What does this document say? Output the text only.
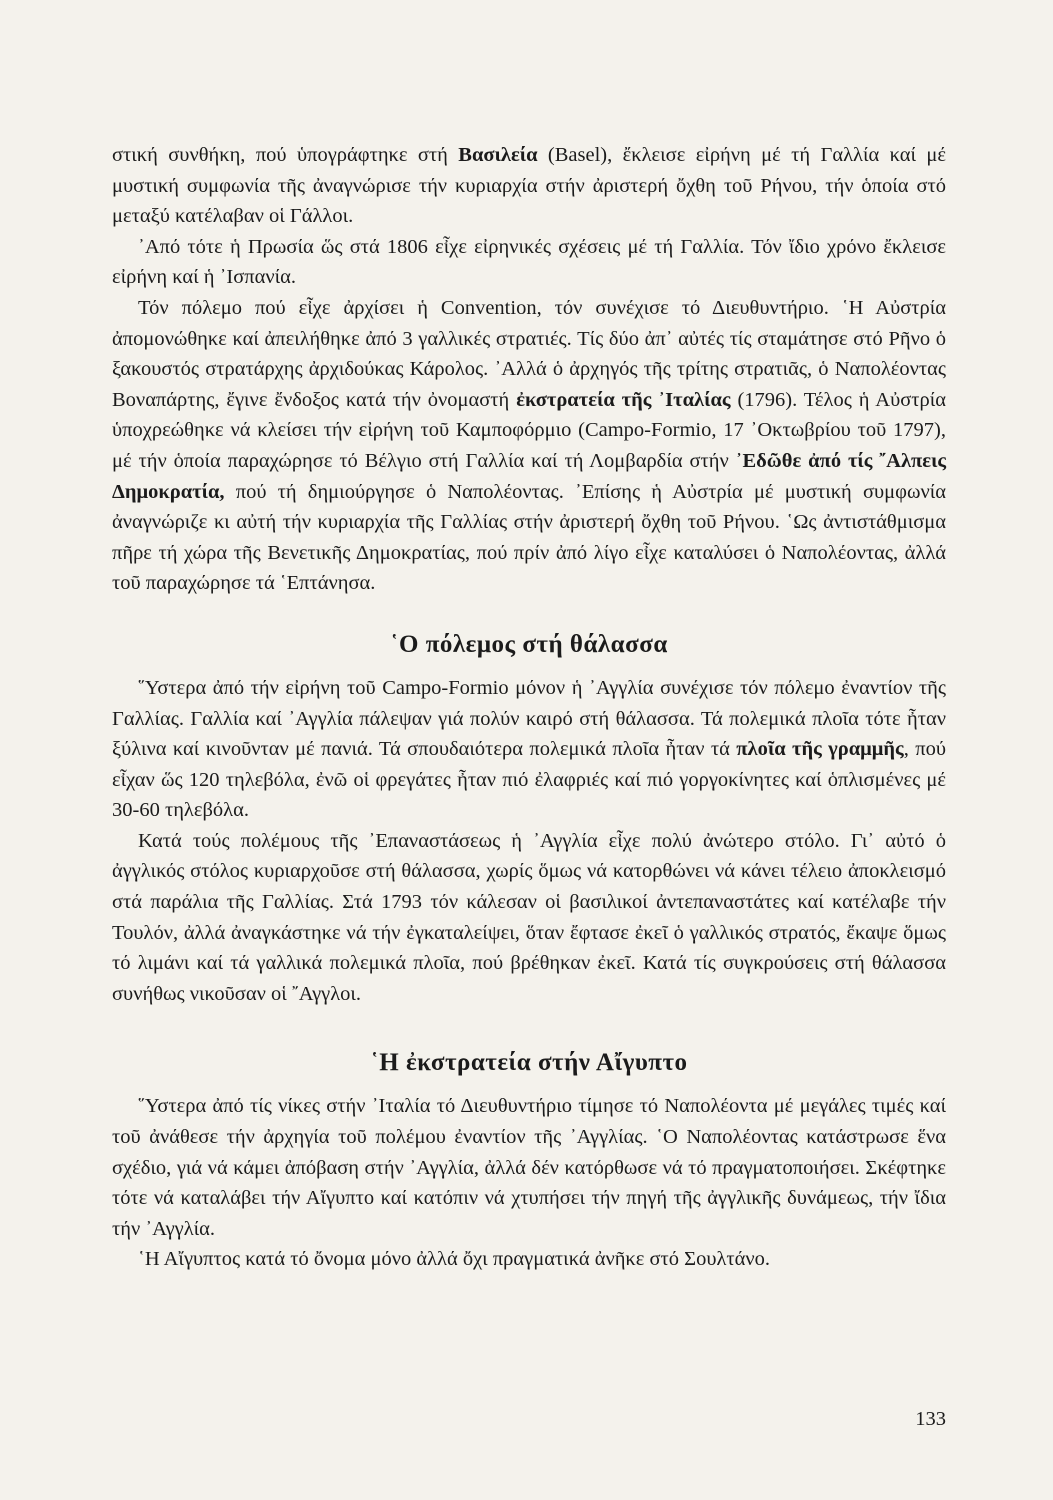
στική συνθήκη, πού ὑπογράφτηκε στή Βασιλεία (Basel), ἔκλεισε εἰρήνη μέ τή Γαλλία καί μέ μυστική συμφωνία τῆς ἀναγνώρισε τήν κυριαρχία στήν ἀριστερή ὄχθη τοῦ Ρήνου, τήν ὁποία στό μεταξύ κατέλαβαν οἱ Γάλλοι.

᾿Από τότε ἡ Πρωσία ὥς στά 1806 εἶχε εἰρηνικές σχέσεις μέ τή Γαλλία. Τόν ἴδιο χρόνο ἔκλεισε εἰρήνη καί ἡ ᾿Ισπανία.

Τόν πόλεμο πού εἶχε ἀρχίσει ἡ Convention, τόν συνέχισε τό Διευθυντήριο. ῾Η Αὐστρία ἀπομονώθηκε καί ἀπειλήθηκε ἀπό 3 γαλλικές στρατιές. Τίς δύο ἀπ᾿ αὐτές τίς σταμάτησε στό Ρῆνο ὁ ξακουστός στρατάρχης ἀρχιδούκας Κάρολος. ᾿Αλλά ὁ ἀρχηγός τῆς τρίτης στρατιᾶς, ὁ Ναπολέοντας Βοναπάρτης, ἔγινε ἔνδοξος κατά τήν ὀνομαστή ἐκστρατεία τῆς ᾿Ιταλίας (1796). Τέλος ἡ Αὐστρία ὑποχρεώθηκε νά κλείσει τήν εἰρήνη τοῦ Καμποφόρμιο (Campo-Formio, 17 ᾿Οκτωβρίου τοῦ 1797), μέ τήν ὁποία παραχώρησε τό Βέλγιο στή Γαλλία καί τή Λομβαρδία στήν ᾿Εδῶθε ἀπό τίς ῎Αλπεις Δημοκρατία, πού τή δημιούργησε ὁ Ναπολέοντας. ᾿Επίσης ἡ Αὐστρία μέ μυστική συμφωνία ἀναγνώριζε κι αὐτή τήν κυριαρχία τῆς Γαλλίας στήν ἀριστερή ὄχθη τοῦ Ρήνου. ῾Ως ἀντιστάθμισμα πῆρε τή χώρα τῆς Βενετικῆς Δημοκρατίας, πού πρίν ἀπό λίγο εἶχε καταλύσει ὁ Ναπολέοντας, ἀλλά τοῦ παραχώρησε τά ῾Επτάνησα.

῾Ο πόλεμος στή θάλασσα

῞Υστερα ἀπό τήν εἰρήνη τοῦ Campo-Formio μόνον ἡ ᾿Αγγλία συνέχισε τόν πόλεμο ἐναντίον τῆς Γαλλίας. Γαλλία καί ᾿Αγγλία πάλεψαν γιά πολύν καιρό στή θάλασσα. Τά πολεμικά πλοῖα τότε ἦταν ξύλινα καί κινοῦνταν μέ πανιά. Τά σπουδαιότερα πολεμικά πλοῖα ἦταν τά πλοῖα τῆς γραμμῆς, πού εἶχαν ὥς 120 τηλεβόλα, ἐνῶ οἱ φρεγάτες ἦταν πιό ἐλαφριές καί πιό γοργοκίνητες καί ὁπλισμένες μέ 30-60 τηλεβόλα.

Κατά τούς πολέμους τῆς ᾿Επαναστάσεως ἡ ᾿Αγγλία εἶχε πολύ ἀνώτερο στόλο. Γι᾿ αὐτό ὁ ἀγγλικός στόλος κυριαρχοῦσε στή θάλασσα, χωρίς ὅμως νά κατορθώνει νά κάνει τέλειο ἀποκλεισμό στά παράλια τῆς Γαλλίας. Στά 1793 τόν κάλεσαν οἱ βασιλικοί ἀντεπαναστάτες καί κατέλαβε τήν Τουλόν, ἀλλά ἀναγκάστηκε νά τήν ἐγκαταλείψει, ὅταν ἔφτασε ἐκεῖ ὁ γαλλικός στρατός, ἔκαψε ὅμως τό λιμάνι καί τά γαλλικά πολεμικά πλοῖα, πού βρέθηκαν ἐκεῖ. Κατά τίς συγκρούσεις στή θάλασσα συνήθως νικοῦσαν οἱ ῎Αγγλοι.

῾Η ἐκστρατεία στήν Αἴγυπτο

῞Υστερα ἀπό τίς νίκες στήν ᾿Ιταλία τό Διευθυντήριο τίμησε τό Ναπολέοντα μέ μεγάλες τιμές καί τοῦ ἀνάθεσε τήν ἀρχηγία τοῦ πολέμου ἐναντίον τῆς ᾿Αγγλίας. ῾Ο Ναπολέοντας κατάστρωσε ἕνα σχέδιο, γιά νά κάμει ἀπόβαση στήν ᾿Αγγλία, ἀλλά δέν κατόρθωσε νά τό πραγματοποιήσει. Σκέφτηκε τότε νά καταλάβει τήν Αἴγυπτο καί κατόπιν νά χτυπήσει τήν πηγή τῆς ἀγγλικῆς δυνάμεως, τήν ἴδια τήν ᾿Αγγλία.

῾Η Αἴγυπτος κατά τό ὄνομα μόνο ἀλλά ὄχι πραγματικά ἀνῆκε στό Σουλτάνο.

133
